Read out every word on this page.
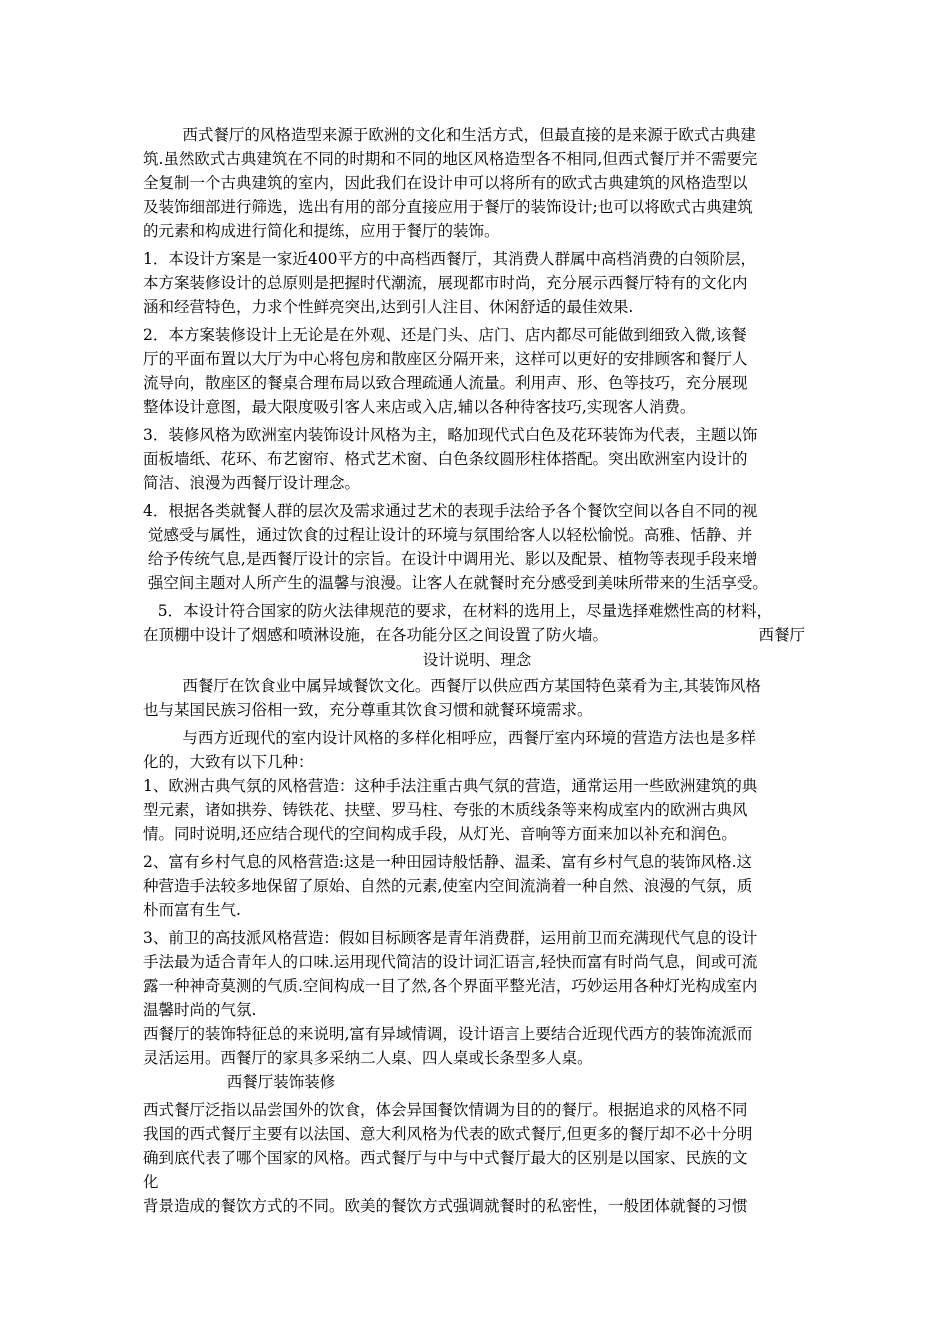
西式餐厅的风格造型来源于欧洲的文化和生活方式，但最直接的是来源于欧式古典建
筑.虽然欧式古典建筑在不同的时期和不同的地区风格造型各不相同,但西式餐厅并不需要完
全复制一个古典建筑的室内，因此我们在设计申可以将所有的欧式古典建筑的风格造型以
及装饰细部进行筛选，选出有用的部分直接应用于餐厅的装饰设计;也可以将欧式古典建筑
的元素和构成进行简化和提练，应用于餐厅的装饰。
1．本设计方案是一家近400平方的中高档西餐厅，其消费人群属中高档消费的白领阶层，
本方案装修设计的总原则是把握时代潮流，展现都市时尚，充分展示西餐厅特有的文化内
涵和经营特色，力求个性鲜亮突出,达到引人注目、休闲舒适的最佳效果.
2．本方案装修设计上无论是在外观、还是门头、店门、店内都尽可能做到细致入微,该餐
厅的平面布置以大厅为中心将包房和散座区分隔开来，这样可以更好的安排顾客和餐厅人
流导向，散座区的餐桌合理布局以致合理疏通人流量。利用声、形、色等技巧，充分展现
整体设计意图，最大限度吸引客人来店或入店,辅以各种待客技巧,实现客人消费。
3．装修风格为欧洲室内装饰设计风格为主，略加现代式白色及花环装饰为代表，主题以饰
面板墙纸、花环、布艺窗帘、格式艺术窗、白色条纹圆形柱体搭配。突出欧洲室内设计的
简洁、浪漫为西餐厅设计理念。
4．根据各类就餐人群的层次及需求通过艺术的表现手法给予各个餐饮空间以各自不同的视
觉感受与属性，通过饮食的过程让设计的环境与氛围给客人以轻松愉悦。高雅、恬静、并
给予传统气息,是西餐厅设计的宗旨。在设计中调用光、影以及配景、植物等表现手段来增
强空间主题对人所产生的温馨与浪漫。让客人在就餐时充分感受到美味所带来的生活享受。
5．本设计符合国家的防火法律规范的要求，在材料的选用上，尽量选择难燃性高的材料，
在顶棚中设计了烟感和喷淋设施，在各功能分区之间设置了防火墙。	西餐厅
设计说明、理念
西餐厅在饮食业中属异域餐饮文化。西餐厅以供应西方某国特色菜肴为主,其装饰风格
也与某国民族习俗相一致，充分尊重其饮食习惯和就餐环境需求。
与西方近现代的室内设计风格的多样化相呼应，西餐厅室内环境的营造方法也是多样
化的，大致有以下几种：
1、欧洲古典气氛的风格营造：这种手法注重古典气氛的营造，通常运用一些欧洲建筑的典
型元素，诸如拱券、铸铁花、扶壁、罗马柱、夸张的木质线条等来构成室内的欧洲古典风
情。同时说明,还应结合现代的空间构成手段，从灯光、音响等方面来加以补充和润色。
2、富有乡村气息的风格营造:这是一种田园诗般恬静、温柔、富有乡村气息的装饰风格.这
种营造手法较多地保留了原始、自然的元素,使室内空间流淌着一种自然、浪漫的气氛，质
朴而富有生气.
3、前卫的高技派风格营造：假如目标顾客是青年消费群，运用前卫而充满现代气息的设计
手法最为适合青年人的口味.运用现代简洁的设计词汇语言,轻快而富有时尚气息，间或可流
露一种神奇莫测的气质.空间构成一目了然,各个界面平整光洁，巧妙运用各种灯光构成室内
温馨时尚的气氛.
西餐厅的装饰特征总的来说明,富有异域情调，设计语言上要结合近现代西方的装饰流派而
灵活运用。西餐厅的家具多采纳二人桌、四人桌或长条型多人桌。
西餐厅装饰装修
西式餐厅泛指以品尝国外的饮食，体会异国餐饮情调为目的的餐厅。根据追求的风格不同
我国的西式餐厅主要有以法国、意大利风格为代表的欧式餐厅,但更多的餐厅却不必十分明
确到底代表了哪个国家的风格。西式餐厅与中与中式餐厅最大的区别是以国家、民族的文
化
背景造成的餐饮方式的不同。欧美的餐饮方式强调就餐时的私密性，一般团体就餐的习惯
